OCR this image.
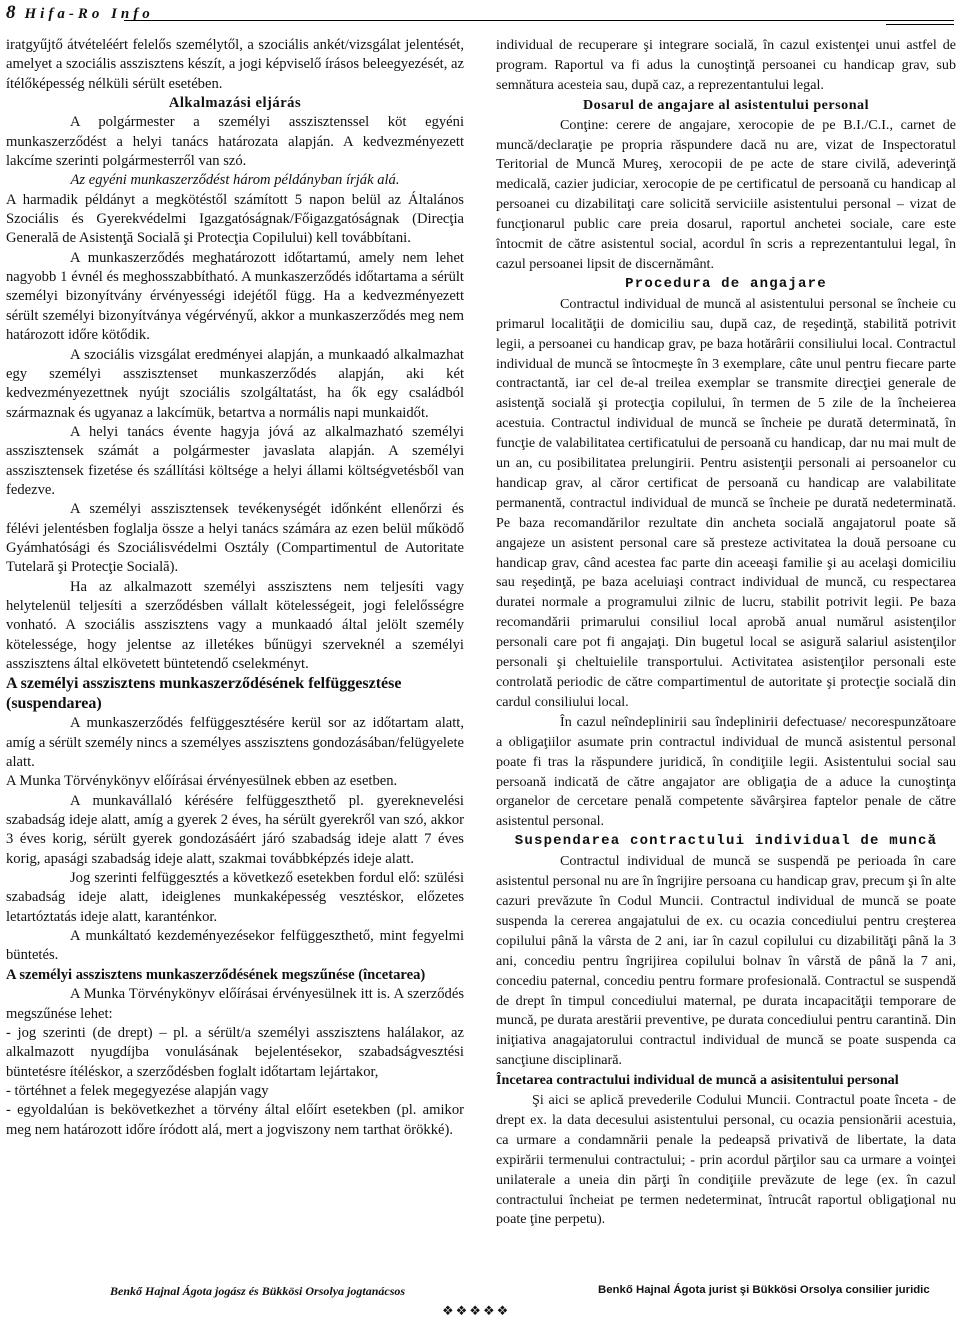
8 Hifa-Ro Info

iratgyűjtő átvételéért felelős személytől, a szociális ankét/vizsgálat jelentését, amelyet a szociális asszisztens készít, a jogi képviselő írásos beleegyezését, az ítélőképesség nélküli sérült esetében.

Alkalmazási eljárás

A polgármester a személyi asszisztenssel köt egyéni munkaszerződést a helyi tanács határozata alapján. A kedvezményezett lakcíme szerinti polgármesterről van szó.

Az egyéni munkaszerződést három példányban írják alá.

A harmadik példányt a megkötéstől számított 5 napon belül az Általános Szociális és Gyerekvédelmi Igazgatóságnak/Főigazgatóságnak (Direcţia Generală de Asistenţă Socială şi Protecţia Copilului) kell továbbítani.

A munkaszerződés meghatározott időtartamú, amely nem lehet nagyobb 1 évnél és meghosszabbítható. A munkaszerződés időtartama a sérült személyi bizonyítvány érvényességi idejétől függ. Ha a kedvezményezett sérült személyi bizonyítványa végérvényű, akkor a munkaszerződés meg nem határozott időre kötődik.

A szociális vizsgálat eredményei alapján, a munkaadó alkalmazhat egy személyi asszisztenset munkaszerződés alapján, aki két kedvezményezettnek nyújt szociális szolgáltatást, ha ők egy családból származnak és ugyanaz a lakcímük, betartva a normális napi munkaidőt.

A helyi tanács évente hagyja jóvá az alkalmazható személyi asszisztensek számát a polgármester javaslata alapján. A személyi asszisztensek fizetése és szállítási költsége a helyi állami költségvetésből van fedezve.

A személyi asszisztensek tevékenységét időnként ellenőrzi és félévi jelentésben foglalja össze a helyi tanács számára az ezen belül működő Gyámhatósági és Szociálisvédelmi Osztály (Compartimentul de Autoritate Tutelară şi Protecţie Socială).

Ha az alkalmazott személyi asszisztens nem teljesíti vagy helytelenül teljesíti a szerződésben vállalt kötelességeit, jogi felelősségre vonható. A szociális asszisztens vagy a munkaadó által jelölt személy kötelessége, hogy jelentse az illetékes bűnügyi szerveknél a személyi asszisztens által elkövetett büntetendő cselekményt.

A személyi asszisztens munkaszerződésének felfüggesztése (suspendarea)

A munkaszerződés felfüggesztésére kerül sor az időtartam alatt, amíg a sérült személy nincs a személyes asszisztens gondozásában/felügyelete alatt.

A Munka Törvénykönyv előírásai érvényesülnek ebben az esetben.

A munkavállaló kérésére felfüggeszthető pl. gyereknevelési szabadság ideje alatt, amíg a gyerek 2 éves, ha sérült gyerekről van szó, akkor 3 éves korig, sérült gyerek gondozásáért járó szabadság ideje alatt 7 éves korig, apasági szabadság ideje alatt, szakmai továbbképzés ideje alatt.

Jog szerinti felfüggesztés a következő esetekben fordul elő: szülési szabadság ideje alatt, ideiglenes munkaképesség vesztéskor, előzetes letartóztatás ideje alatt, karanténkor.

A munkáltató kezdeményezésekor felfüggeszthető, mint fegyelmi büntetés.

A személyi asszisztens munkaszerződésének megszűnése (încetarea)

A Munka Törvénykönyv előírásai érvényesülnek itt is. A szerződés megszűnése lehet:

- jog szerinti (de drept) – pl. a sérült/a személyi asszisztens halálakor, az alkalmazott nyugdíjba vonulásának bejelentésekor, szabadságvesztési büntetésre ítéléskor, a szerződésben foglalt időtartam lejártakor,

- törtéhnet a felek megegyezése alapján vagy

- egyoldalúan is bekövetkezhet a törvény által előírt esetekben (pl. amikor meg nem határozott időre íródott alá, mert a jogviszony nem tarthat örökké).

individual de recuperare şi integrare socială, în cazul existenţei unui astfel de program. Raportul va fi adus la cunoştinţă persoanei cu handicap grav, sub semnătura acesteia sau, după caz, a reprezentantului legal.

Dosarul de angajare al asistentului personal

Conţine: cerere de angajare, xerocopie de pe B.I./C.I., carnet de muncă/declaraţie pe propria răspundere dacă nu are, vizat de Inspectoratul Teritorial de Muncă Mureş, xerocopii de pe acte de stare civilă, adeverinţă medicală, cazier judiciar, xerocopie de pe certificatul de persoană cu handicap al persoanei cu dizabilitaţi care solicită serviciile asistentului personal – vizat de funcţionarul public care preia dosarul, raportul anchetei sociale, care este întocmit de către asistentul social, acordul în scris a reprezentantului legal, în cazul persoanei lipsit de discernământ.

Procedura de angajare

Contractul individual de muncă al asistentului personal se încheie cu primarul localităţii de domiciliu sau, după caz, de reşedinţă, stabilită potrivit legii, a persoanei cu handicap grav, pe baza hotărârii consiliului local. Contractul individual de muncă se întocmeşte în 3 exemplare, câte unul pentru fiecare parte contractantă, iar cel de-al treilea exemplar se transmite direcţiei generale de asistenţă socială şi protecţia copilului, în termen de 5 zile de la încheierea acestuia. Contractul individual de muncă se încheie pe durată determinată, în funcţie de valabilitatea certificatului de persoană cu handicap, dar nu mai mult de un an, cu posibilitatea prelungirii. Pentru asistenţii personali ai persoanelor cu handicap grav, al căror certificat de persoană cu handicap are valabilitate permanentă, contractul individual de muncă se încheie pe durată nedeterminată. Pe baza recomandărilor rezultate din ancheta socială angajatorul poate să angajeze un asistent personal care să presteze activitatea la două persoane cu handicap grav, când acestea fac parte din aceeaşi familie şi au acelaşi domiciliu sau reşedinţă, pe baza aceluiaşi contract individual de muncă, cu respectarea duratei normale a programului zilnic de lucru, stabilit potrivit legii. Pe baza recomandării primarului consiliul local aprobă anual numărul asistenţilor personali care pot fi angajaţi. Din bugetul local se asigură salariul asistenţilor personali şi cheltuielile transportului. Activitatea asistenţilor personali este controlată periodic de către compartimentul de autoritate şi protecţie socială din cardul consiliului local.

În cazul neîndeplinirii sau îndeplinirii defectuase/ necorespunzătoare a obligaţiilor asumate prin contractul individual de muncă asistentul personal poate fi tras la răspundere juridică, în condiţiile legii. Asistentului social sau persoană indicată de către angajator are obligaţia de a aduce la cunoştinţa organelor de cercetare penală competente săvârşirea faptelor penale de către asistentul personal.

Suspendarea contractului individual de muncă

Contractul individual de muncă se suspendă pe perioada în care asistentul personal nu are în îngrijire persoana cu handicap grav, precum şi în alte cazuri prevăzute în Codul Muncii. Contractul individual de muncă se poate suspenda la cererea angajatului de ex. cu ocazia concediului pentru creşterea copilului până la vârsta de 2 ani, iar în cazul copilului cu dizabilităţi până la 3 ani, concediu pentru îngrijirea copilului bolnav în vârstă de până la 7 ani, concediu paternal, concediu pentru formare profesională. Contractul se suspendă de drept în timpul concediului maternal, pe durata incapacităţii temporare de muncă, pe durata arestării preventive, pe durata concediului pentru carantină. Din iniţiativa anagajatorului contractul individual de muncă se poate suspenda ca sancţiune disciplinară.

Încetarea contractului individual de muncă a asisitentului personal

Şi aici se aplică prevederile Codului Muncii. Contractul poate înceta - de drept ex. la data decesului asistentului personal, cu ocazia pensionării acestuia, ca urmare a condamnării penale la pedeapsă privativă de libertate, la data expirării termenului contractului; - prin acordul părţilor sau ca urmare a voinţei unilaterale a uneia din părţi în condiţiile prevăzute de lege (ex. în cazul contractului încheiat pe termen nedeterminat, întrucât raportul obligaţional nu poate ţine perpetu).

Benkő Hajnal Ágota jogász és Bükkösi Orsolya jogtanácsos	Benkő Hajnal Ágota jurist şi Bükkösi Orsolya consilier juridic
❖❖❖❖❖
